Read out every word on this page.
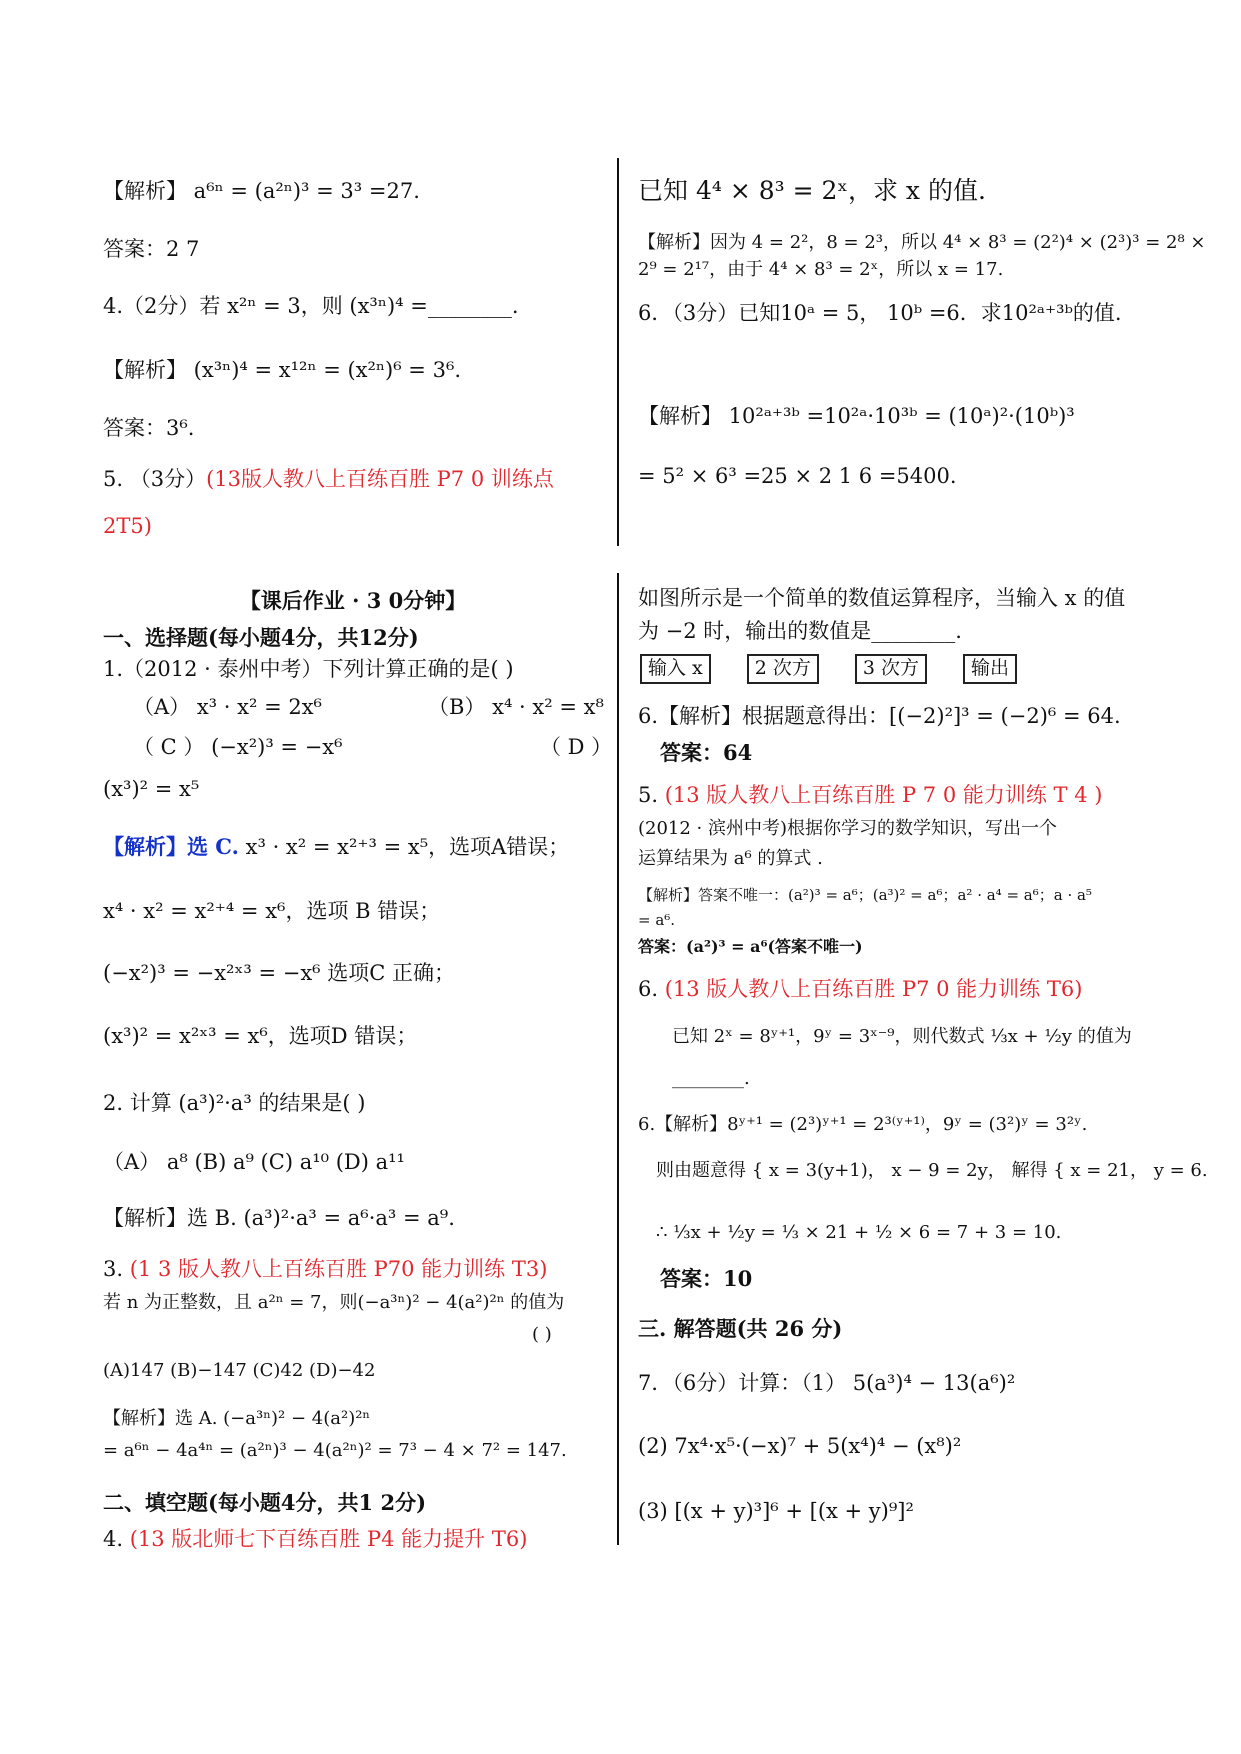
【解析】 a⁶ⁿ = (a²ⁿ)³ = 3³ =27.
答案：2 7
4.（2分）若 x²ⁿ = 3，则 (x³ⁿ)⁴ =________.
【解析】 (x³ⁿ)⁴ = x¹²ⁿ = (x²ⁿ)⁶ = 3⁶.
答案：3⁶.
5. （3分）(13版人教八上百练百胜 P7 0 训练点
2T5)
已知 4⁴ × 8³ = 2ˣ，求 x 的值.
【解析】因为 4 = 2²，8 = 2³，所以 4⁴ × 8³ = (2²)⁴ × (2³)³ = 2⁸ ×
2⁹ = 2¹⁷，由于 4⁴ × 8³ = 2ˣ，所以 x = 17.
6．（3分）已知10ᵃ = 5， 10ᵇ =6．求10²ᵃ⁺³ᵇ的值.
【解析】 10²ᵃ⁺³ᵇ =10²ᵃ·10³ᵇ = (10ᵃ)²·(10ᵇ)³
= 5² × 6³ =25 × 2 1 6 =5400.
【课后作业 · 3 0分钟】
一、选择题(每小题4分，共12分)
1.（2012 · 泰州中考）下列计算正确的是( )
（A） x³ · x² = 2x⁶	（B） x⁴ · x² = x⁸
（ C ） (−x²)³ = −x⁶	（ D ）
(x³)² = x⁵
【解析】选 C. x³ · x² = x²⁺³ = x⁵，选项A错误；
x⁴ · x² = x²⁺⁴ = x⁶，选项 B 错误；
(−x²)³ = −x²ˣ³ = −x⁶ 选项C 正确；
(x³)² = x²ˣ³ = x⁶，选项D 错误；
2. 计算 (a³)²·a³ 的结果是( )
（A） a⁸ (B) a⁹ (C) a¹⁰ (D) a¹¹
【解析】选 B. (a³)²·a³ = a⁶·a³ = a⁹.
3. (1 3 版人教八上百练百胜 P70 能力训练 T3)
若 n 为正整数，且 a²ⁿ = 7，则(−a³ⁿ)² − 4(a²)²ⁿ 的值为
( )
(A)147 (B)−147 (C)42 (D)−42
【解析】选 A. (−a³ⁿ)² − 4(a²)²ⁿ
= a⁶ⁿ − 4a⁴ⁿ = (a²ⁿ)³ − 4(a²ⁿ)² = 7³ − 4 × 7² = 147.
二、填空题(每小题4分，共1 2分)
4. (13 版北师七下百练百胜 P4 能力提升 T6)
如图所示是一个简单的数值运算程序，当输入 x 的值
为 −2 时，输出的数值是________.
输入 x	2 次方	3 次方	输出
6.【解析】根据题意得出：[(−2)²]³ = (−2)⁶ = 64.
答案：64
5. (13 版人教八上百练百胜 P 7 0 能力训练 T 4 )
(2012 · 滨州中考)根据你学习的数学知识，写出一个
运算结果为 a⁶ 的算式 .
【解析】答案不唯一：(a²)³ = a⁶；(a³)² = a⁶；a² · a⁴ = a⁶；a · a⁵
= a⁶.
答案：(a²)³ = a⁶(答案不唯一)
6. (13 版人教八上百练百胜 P7 0 能力训练 T6)
已知 2ˣ = 8ʸ⁺¹，9ʸ = 3ˣ⁻⁹，则代数式 ⅓x + ½y 的值为
________.
6.【解析】8ʸ⁺¹ = (2³)ʸ⁺¹ = 2³⁽ʸ⁺¹⁾，9ʸ = (3²)ʸ = 3²ʸ.
则由题意得 { x = 3(y+1)， x − 9 = 2y， 解得 { x = 21， y = 6.
∴ ⅓x + ½y = ⅓ × 21 + ½ × 6 = 7 + 3 = 10.
答案：10
三. 解答题(共 26 分)
7．（6分）计算：（1） 5(a³)⁴ − 13(a⁶)²
(2) 7x⁴·x⁵·(−x)⁷ + 5(x⁴)⁴ − (x⁸)²
(3) [(x + y)³]⁶ + [(x + y)⁹]²
